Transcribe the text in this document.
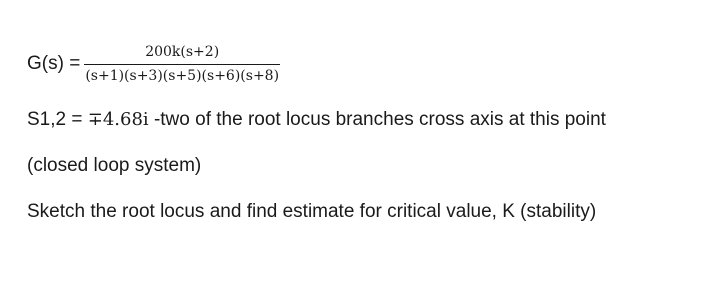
$G(s) = \frac{200k(s+2)}{(s+1)(s+3)(s+5)(s+6)(s+8)}$
S1,2 = ∓4.68i -two of the root locus branches cross axis at this point
(closed loop system)
Sketch the root locus and find estimate for critical value, K (stability)
